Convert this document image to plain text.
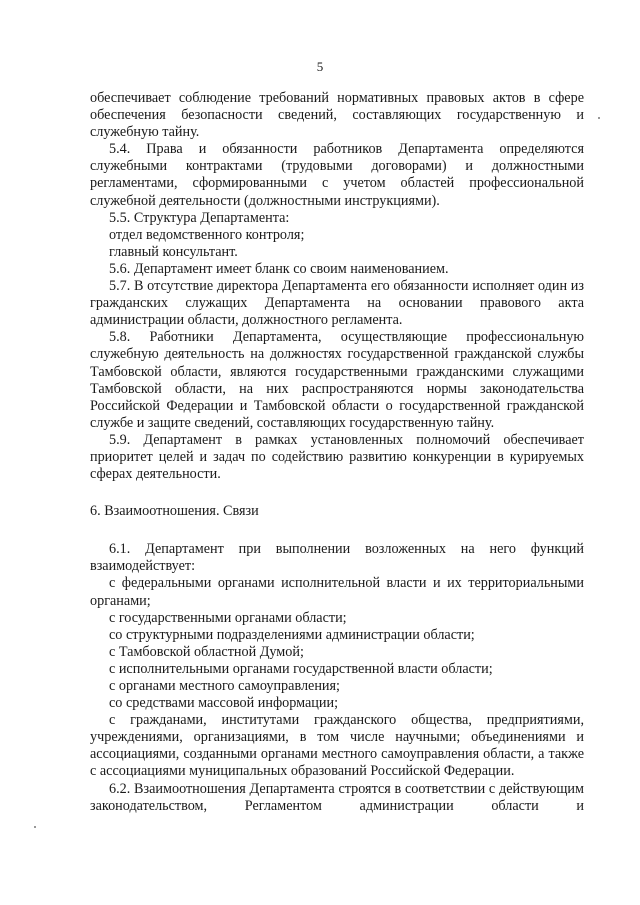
5

обеспечивает соблюдение требований нормативных правовых актов в сфере обеспечения безопасности сведений, составляющих государственную и служебную тайну.

5.4. Права и обязанности работников Департамента определяются служебными контрактами (трудовыми договорами) и должностными регламентами, сформированными с учетом областей профессиональной служебной деятельности (должностными инструкциями).

5.5. Структура Департамента:

отдел ведомственного контроля;

главный консультант.

5.6. Департамент имеет бланк со своим наименованием.

5.7. В отсутствие директора Департамента его обязанности исполняет один из гражданских служащих Департамента на основании правового акта администрации области, должностного регламента.

5.8. Работники Департамента, осуществляющие профессиональную служебную деятельность на должностях государственной гражданской службы Тамбовской области, являются государственными гражданскими служащими Тамбовской области, на них распространяются нормы законодательства Российской Федерации и Тамбовской области о государственной гражданской службе и защите сведений, составляющих государственную тайну.

5.9. Департамент в рамках установленных полномочий обеспечивает приоритет целей и задач по содействию развитию конкуренции в курируемых сферах деятельности.

6. Взаимоотношения. Связи

6.1. Департамент при выполнении возложенных на него функций взаимодействует:

с федеральными органами исполнительной власти и их территориальными органами;

с государственными органами области;

со структурными подразделениями администрации области;

с Тамбовской областной Думой;

с исполнительными органами государственной власти области;

с органами местного самоуправления;

со средствами массовой информации;

с гражданами, институтами гражданского общества, предприятиями, учреждениями, организациями, в том числе научными; объединениями и ассоциациями, созданными органами местного самоуправления области, а также с ассоциациями муниципальных образований Российской Федерации.

6.2. Взаимоотношения Департамента строятся в соответствии с действующим законодательством, Регламентом администрации области и
